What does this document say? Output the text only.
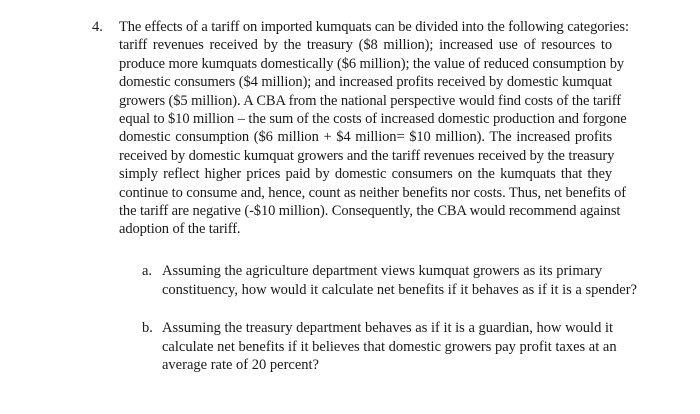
4. The effects of a tariff on imported kumquats can be divided into the following categories:
tariff revenues received by the treasury ($8 million); increased use of resources to
produce more kumquats domestically ($6 million); the value of reduced consumption by
domestic consumers ($4 million); and increased profits received by domestic kumquat
growers ($5 million). A CBA from the national perspective would find costs of the tariff
equal to $10 million – the sum of the costs of increased domestic production and forgone
domestic consumption ($6 million + $4 million= $10 million). The increased profits
received by domestic kumquat growers and the tariff revenues received by the treasury
simply reflect higher prices paid by domestic consumers on the kumquats that they
continue to consume and, hence, count as neither benefits nor costs. Thus, net benefits of
the tariff are negative (-$10 million). Consequently, the CBA would recommend against
adoption of the tariff.
a. Assuming the agriculture department views kumquat growers as its primary
constituency, how would it calculate net benefits if it behaves as if it is a spender?
b. Assuming the treasury department behaves as if it is a guardian, how would it
calculate net benefits if it believes that domestic growers pay profit taxes at an
average rate of 20 percent?
